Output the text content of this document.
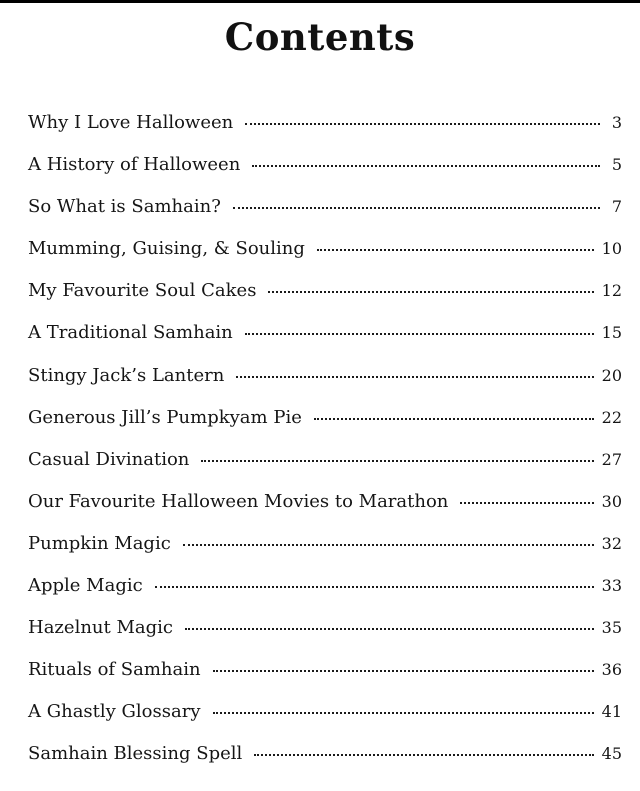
Contents
Why I Love Halloween	3
A History of Halloween	5
So What is Samhain?	7
Mumming, Guising, & Souling	10
My Favourite Soul Cakes	12
A Traditional Samhain	15
Stingy Jack’s Lantern	20
Generous Jill’s Pumpkyam Pie	22
Casual Divination	27
Our Favourite Halloween Movies to Marathon	30
Pumpkin Magic	32
Apple Magic	33
Hazelnut Magic	35
Rituals of Samhain	36
A Ghastly Glossary	41
Samhain Blessing Spell	45
